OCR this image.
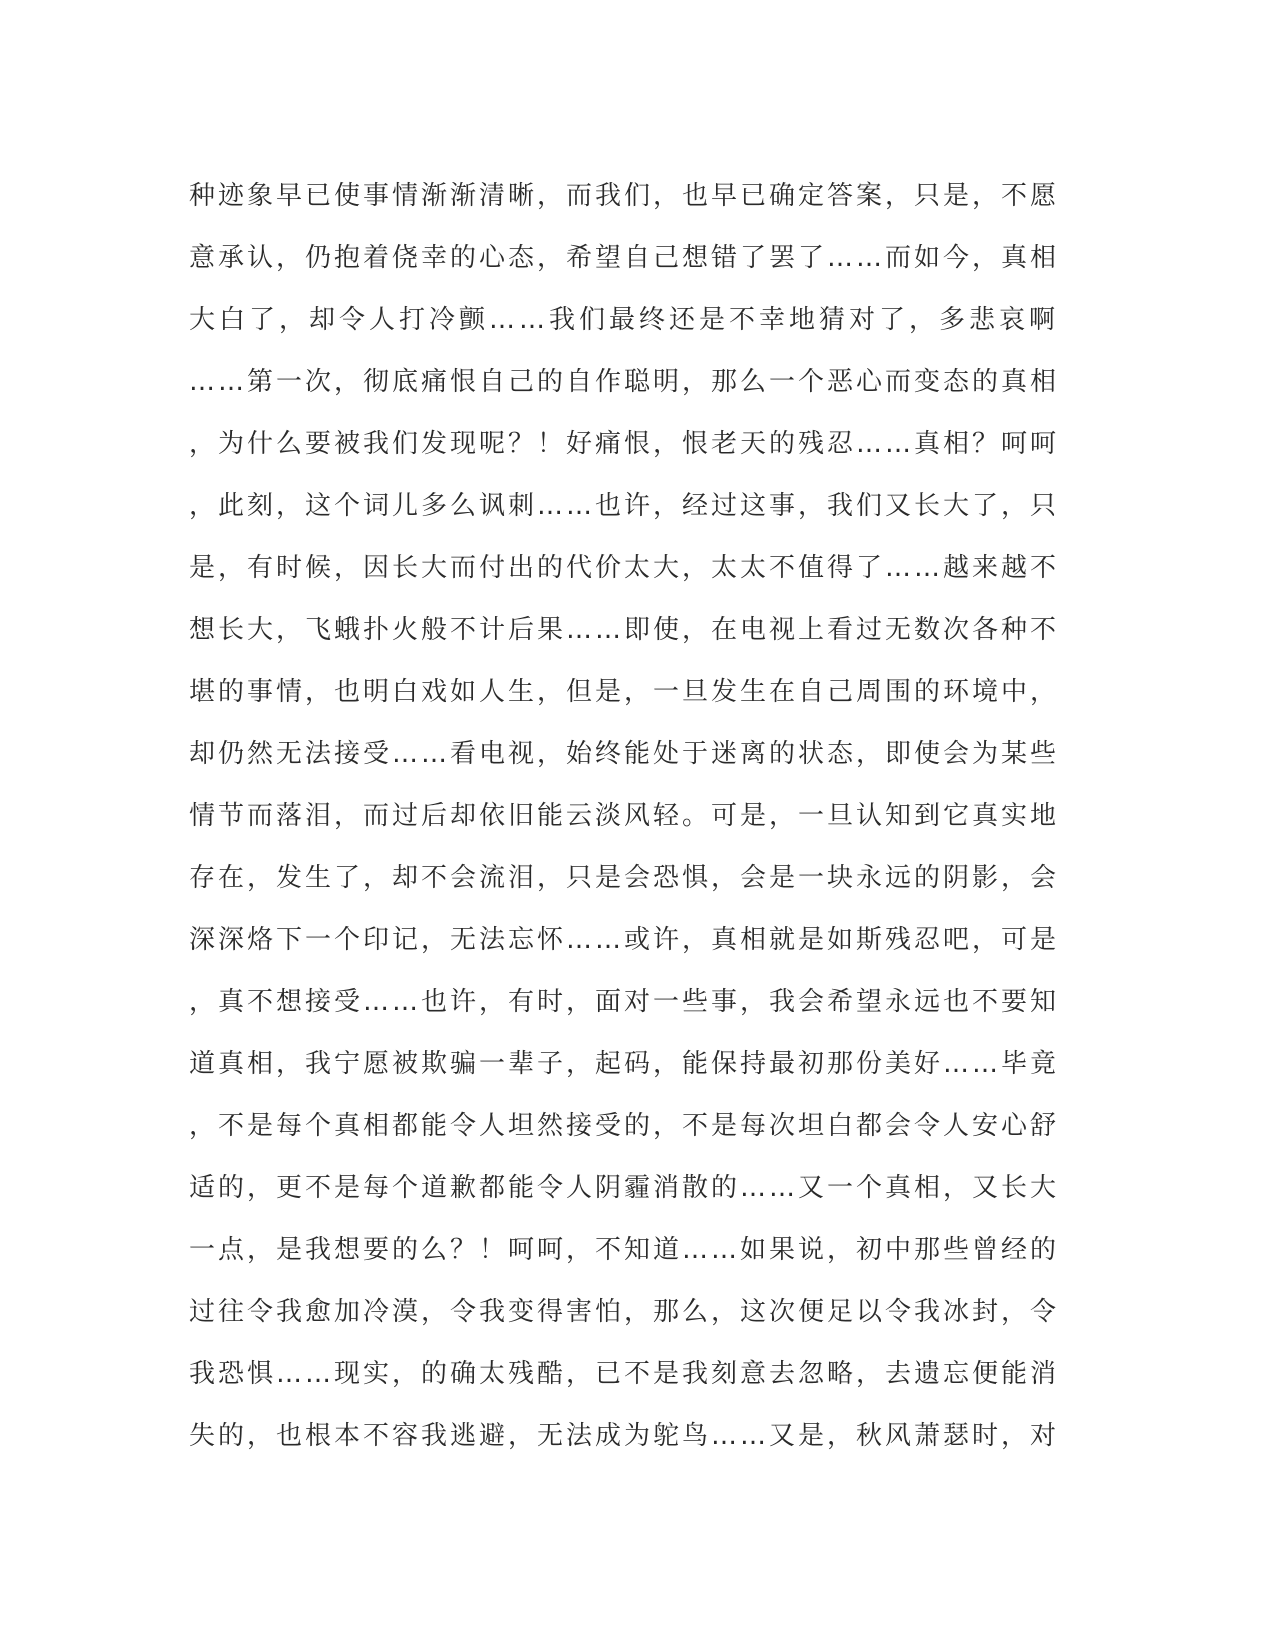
种迹象早已使事情渐渐清晰，而我们，也早已确定答案，只是，不愿
意承认，仍抱着侥幸的心态，希望自己想错了罢了……而如今，真相
大白了，却令人打冷颤……我们最终还是不幸地猜对了，多悲哀啊
……第一次，彻底痛恨自己的自作聪明，那么一个恶心而变态的真相
，为什么要被我们发现呢？！好痛恨，恨老天的残忍……真相？呵呵
，此刻，这个词儿多么讽刺……也许，经过这事，我们又长大了，只
是，有时候，因长大而付出的代价太大，太太不值得了……越来越不
想长大，飞蛾扑火般不计后果……即使，在电视上看过无数次各种不
堪的事情，也明白戏如人生，但是，一旦发生在自己周围的环境中，
却仍然无法接受……看电视，始终能处于迷离的状态，即使会为某些
情节而落泪，而过后却依旧能云淡风轻。可是，一旦认知到它真实地
存在，发生了，却不会流泪，只是会恐惧，会是一块永远的阴影，会
深深烙下一个印记，无法忘怀……或许，真相就是如斯残忍吧，可是
，真不想接受……也许，有时，面对一些事，我会希望永远也不要知
道真相，我宁愿被欺骗一辈子，起码，能保持最初那份美好……毕竟
，不是每个真相都能令人坦然接受的，不是每次坦白都会令人安心舒
适的，更不是每个道歉都能令人阴霾消散的……又一个真相，又长大
一点，是我想要的么？！呵呵，不知道……如果说，初中那些曾经的
过往令我愈加冷漠，令我变得害怕，那么，这次便足以令我冰封，令
我恐惧……现实，的确太残酷，已不是我刻意去忽略，去遗忘便能消
失的，也根本不容我逃避，无法成为鸵鸟……又是，秋风萧瑟时，对
